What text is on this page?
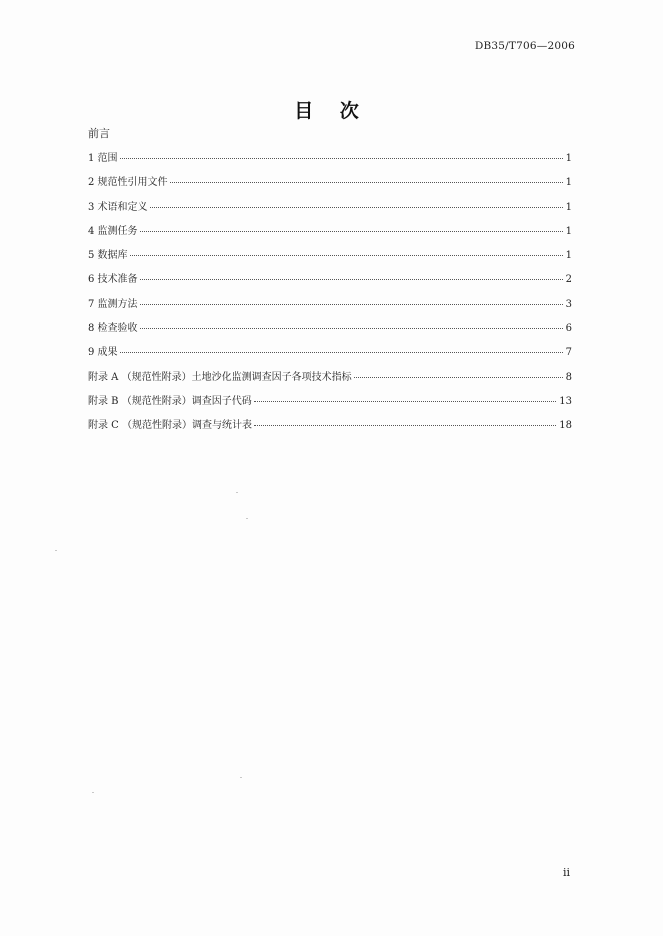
DB35/T706—2006
目 次
前言
1 范围	1
2 规范性引用文件	1
3 术语和定义	1
4 监测任务	1
5 数据库	1
6 技术准备	2
7 监测方法	3
8 检查验收	6
9 成果	7
附录 A （规范性附录）土地沙化监测调查因子各项技术指标	8
附录 B （规范性附录）调查因子代码	13
附录 C （规范性附录）调查与统计表	18
ii
